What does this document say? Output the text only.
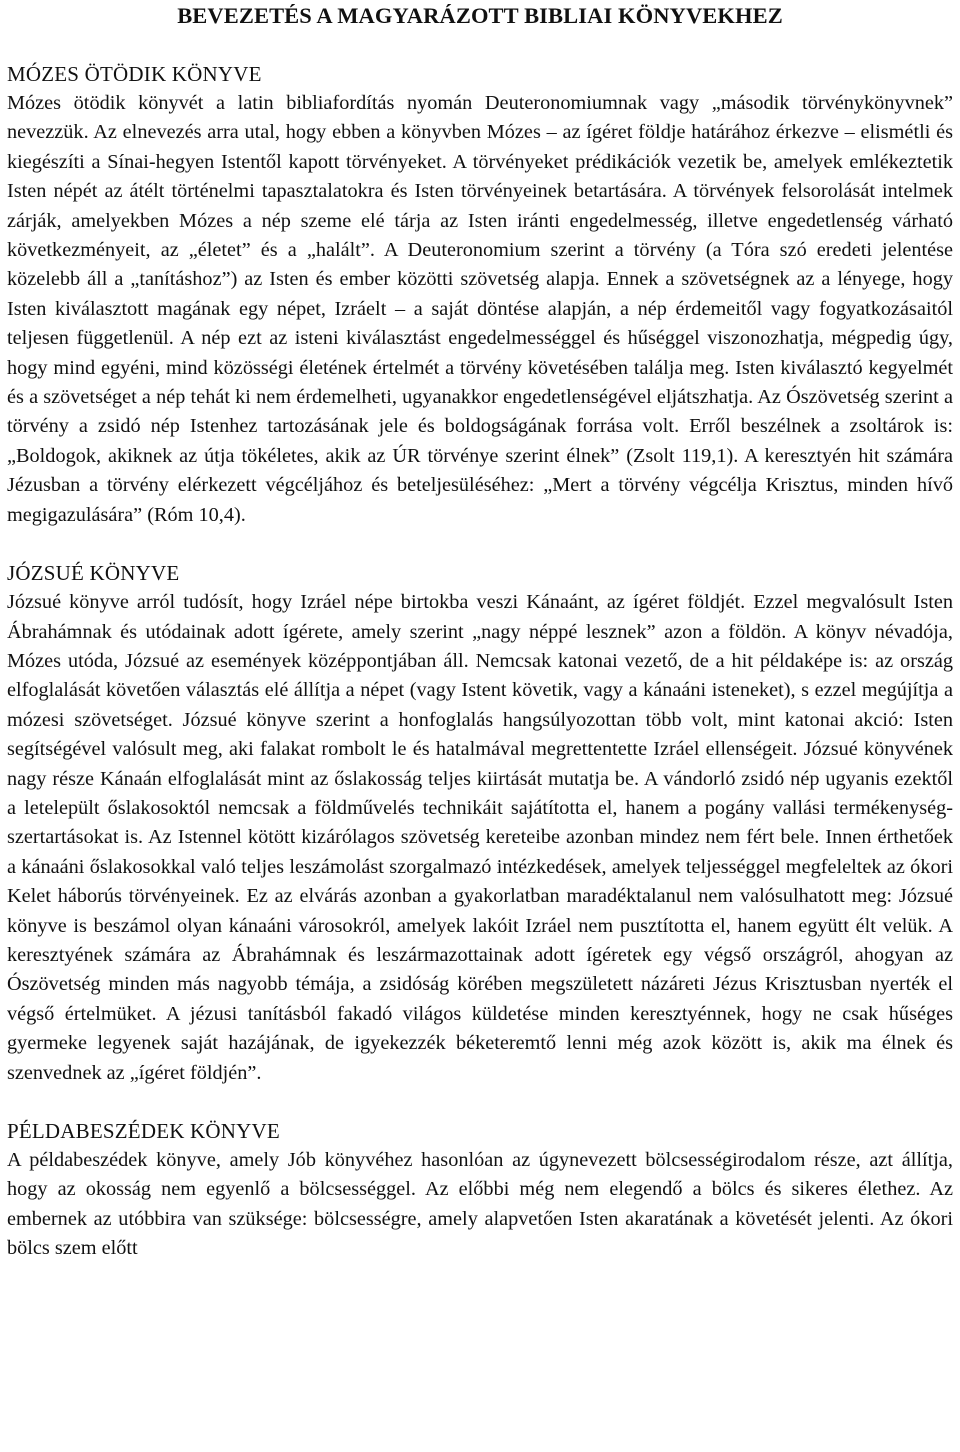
BEVEZETÉS A MAGYARÁZOTT BIBLIAI KÖNYVEKHEZ
MÓZES ÖTÖDIK KÖNYVE

Mózes ötödik könyvét a latin bibliafordítás nyomán Deuteronomiumnak vagy „második törvénykönyvnek” nevezzük. Az elnevezés arra utal, hogy ebben a könyvben Mózes – az ígéret földje határához érkezve – elismétli és kiegészíti a Sínai-hegyen Istentől kapott törvényeket. A törvényeket prédikációk vezetik be, amelyek emlékeztetik Isten népét az átélt történelmi tapasztalatokra és Isten törvényeinek betartására. A törvények felsorolását intelmek zárják, amelyekben Mózes a nép szeme elé tárja az Isten iránti engedelmesség, illetve engedetlenség várható következményeit, az „életet” és a „halált”. A Deuteronomium szerint a törvény (a Tóra szó eredeti jelentése közelebb áll a „tanításhoz”) az Isten és ember közötti szövetség alapja. Ennek a szövetségnek az a lényege, hogy Isten kiválasztott magának egy népet, Izráelt – a saját döntése alapján, a nép érdemeitől vagy fogyatkozásaitól teljesen függetlenül. A nép ezt az isteni kiválasztást engedelmességgel és hűséggel viszonozhatja, mégpedig úgy, hogy mind egyéni, mind közösségi életének értelmét a törvény követésében találja meg. Isten kiválasztó kegyelmét és a szövetséget a nép tehát ki nem érdemelheti, ugyanakkor engedetlenségével eljátszhatja. Az Ószövetség szerint a törvény a zsidó nép Istenhez tartozásának jele és boldogságának forrása volt. Erről beszélnek a zsoltárok is: „Boldogok, akiknek az útja tökéletes, akik az ÚR törvénye szerint élnek” (Zsolt 119,1). A keresztyén hit számára Jézusban a törvény elérkezett végcéljához és beteljesüléséhez: „Mert a törvény végcélja Krisztus, minden hívő megigazulására” (Róm 10,4).

JÓZSUÉ KÖNYVE

Józsué könyve arról tudósít, hogy Izráel népe birtokba veszi Kánaánt, az ígéret földjét. Ezzel megvalósult Isten Ábrahámnak és utódainak adott ígérete, amely szerint „nagy néppé lesznek” azon a földön. A könyv névadója, Mózes utóda, Józsué az események középpontjában áll. Nemcsak katonai vezető, de a hit példaképe is: az ország elfoglalását követően választás elé állítja a népet (vagy Istent követik, vagy a kánaáni isteneket), s ezzel megújítja a mózesi szövetséget. Józsué könyve szerint a honfoglalás hangsúlyozottan több volt, mint katonai akció: Isten segítségével valósult meg, aki falakat rombolt le és hatalmával megrettentette Izráel ellenségeit. Józsué könyvének nagy része Kánaán elfoglalását mint az őslakosság teljes kiirtását mutatja be. A vándorló zsidó nép ugyanis ezektől a letelepült őslakosoktól nemcsak a földművelés technikáit sajátította el, hanem a pogány vallási termékenység-szertartásokat is. Az Istennel kötött kizárólagos szövetség kereteibe azonban mindez nem fért bele. Innen érthetőek a kánaáni őslakosokkal való teljes leszámolást szorgalmazó intézkedések, amelyek teljességgel megfeleltek az ókori Kelet háborús törvényeinek. Ez az elvárás azonban a gyakorlatban maradéktalanul nem valósulhatott meg: Józsué könyve is beszámol olyan kánaáni városokról, amelyek lakóit Izráel nem pusztította el, hanem együtt élt velük. A keresztyének számára az Ábrahámnak és leszármazottainak adott ígéretek egy végső országról, ahogyan az Ószövetség minden más nagyobb témája, a zsidóság körében megszületett názáreti Jézus Krisztusban nyerték el végső értelmüket. A jézusi tanításból fakadó világos küldetése minden keresztyénnek, hogy ne csak hűséges gyermeke legyenek saját hazájának, de igyekezzék béketeremtő lenni még azok között is, akik ma élnek és szenvednek az „ígéret földjén”.

PÉLDABESZÉDEK KÖNYVE

A példabeszédek könyve, amely Jób könyvéhez hasonlóan az úgynevezett bölcsességirodalom része, azt állítja, hogy az okosság nem egyenlő a bölcsességgel. Az előbbi még nem elegendő a bölcs és sikeres élethez. Az embernek az utóbbira van szüksége: bölcsességre, amely alapvetően Isten akaratának a követését jelenti. Az ókori bölcs szem előtt
